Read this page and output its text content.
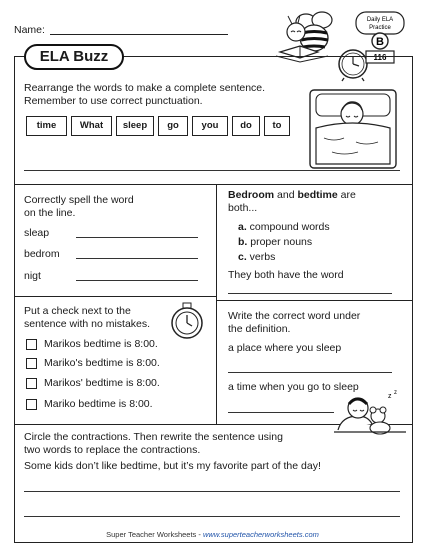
Name:
Daily ELA
Practice
B
116
ELA Buzz
Rearrange the words to make a complete sentence.
Remember to use correct punctuation.
time	What	sleep	go	you	do	to
Correctly spell the word
on the line.
sleap
bedrom
nigt
Bedroom and bedtime are
both...
a. compound words
b. proper nouns
c. verbs
They both have the word
Put a check next to the
sentence with no mistakes.
Marikos bedtime is 8:00.
Mariko's bedtime is 8:00.
Marikos' bedtime is 8:00.
Mariko bedtime is 8:00.
Write the correct word under
the definition.
a place where you sleep
a time when you go to sleep
z z
Circle the contractions. Then rewrite the sentence using
two words to replace the contractions.
Some kids don’t like bedtime, but it’s my favorite part of the day!
Super Teacher Worksheets - www.superteacherworksheets.com
